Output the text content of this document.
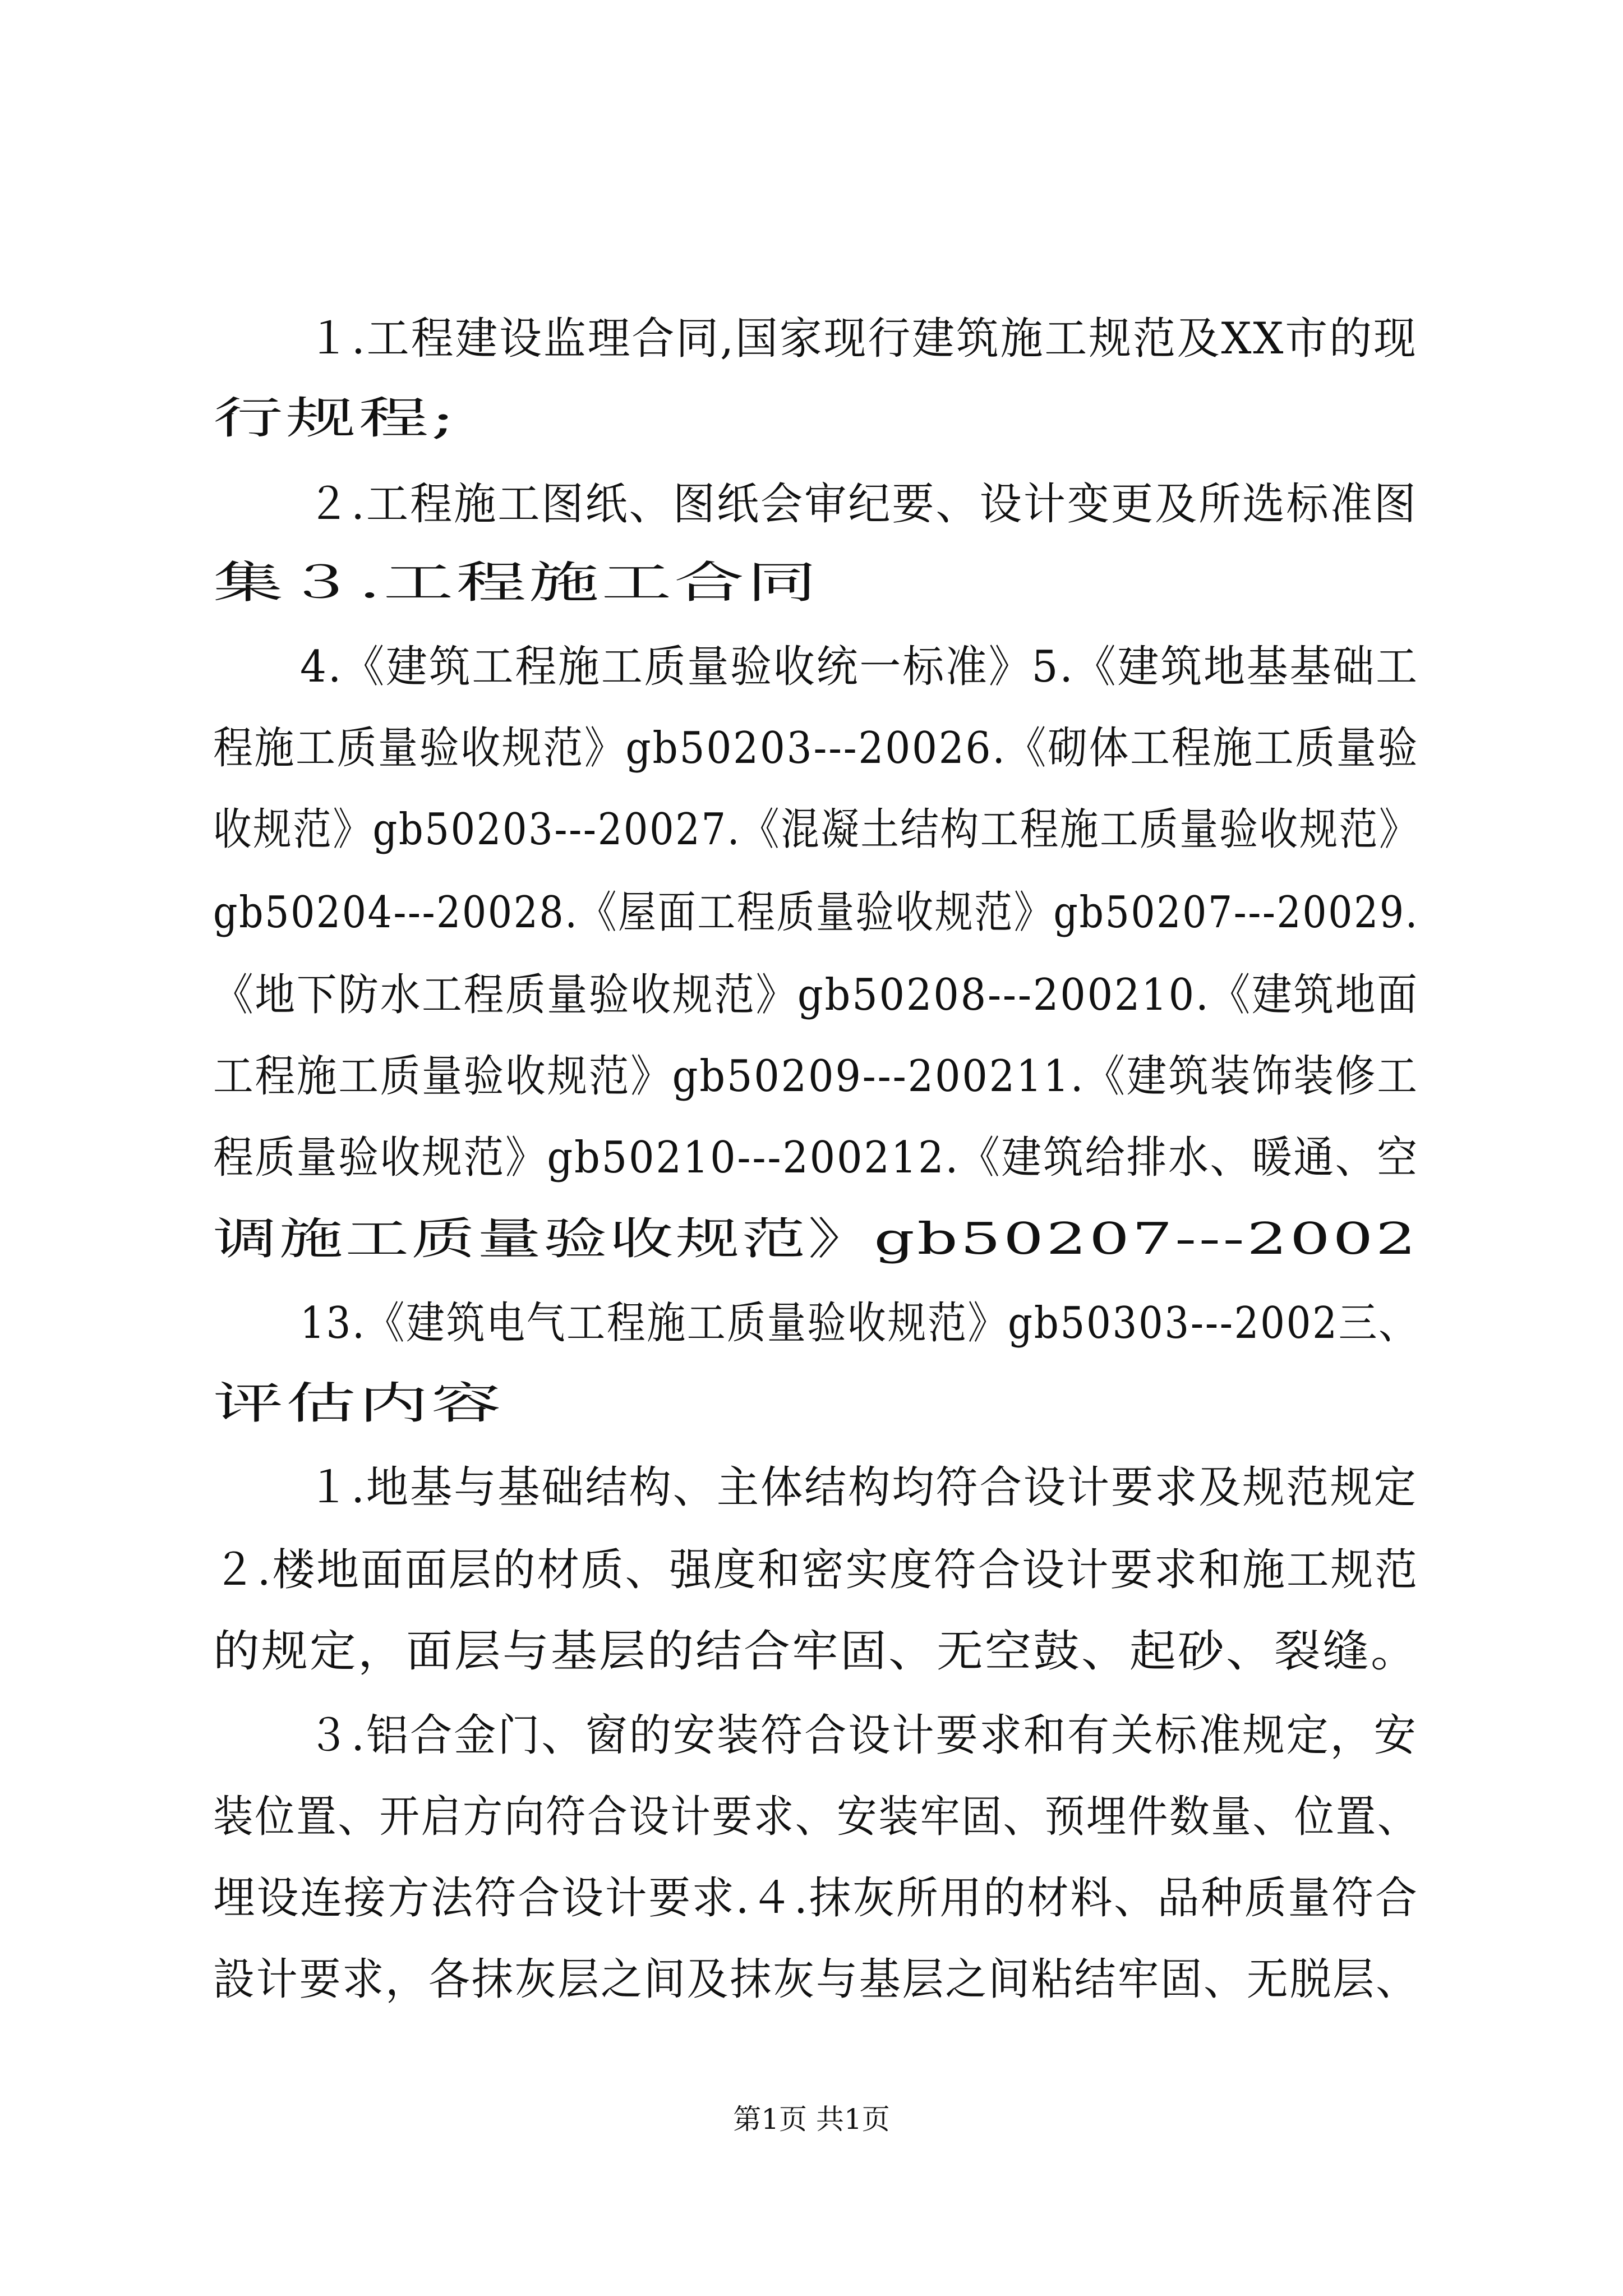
１.工程建设监理合同,国家现行建筑施工规范及XX市的现
行规程;
２.工程施工图纸、图纸会审纪要、设计变更及所选标准图
集３.工程施工合同
4.《建筑工程施工质量验收统一标准》5.《建筑地基基础工
程施工质量验收规范》gb50203---20026.《砌体工程施工质量验
收规范》gb50203---20027.《混凝土结构工程施工质量验收规范》
gb50204---20028.《屋面工程质量验收规范》gb50207---20029.
《地下防水工程质量验收规范》gb50208---200210.《建筑地面
工程施工质量验收规范》gb50209---200211.《建筑装饰装修工
程质量验收规范》gb50210---200212.《建筑给排水、暖通、空
调施工质量验收规范》gb50207---2002
13.《建筑电气工程施工质量验收规范》gb50303---2002三、
评估内容
１.地基与基础结构、主体结构均符合设计要求及规范规定
２.楼地面面层的材质、强度和密实度符合设计要求和施工规范
的规定，面层与基层的结合牢固、无空鼓、起砂、裂缝。
３.铝合金门、窗的安装符合设计要求和有关标准规定，安
装位置、开启方向符合设计要求、安装牢固、预埋件数量、位置、
埋设连接方法符合设计要求.４.抹灰所用的材料、品种质量符合
設计要求，各抹灰层之间及抹灰与基层之间粘结牢固、无脱层、
第1页 共1页
